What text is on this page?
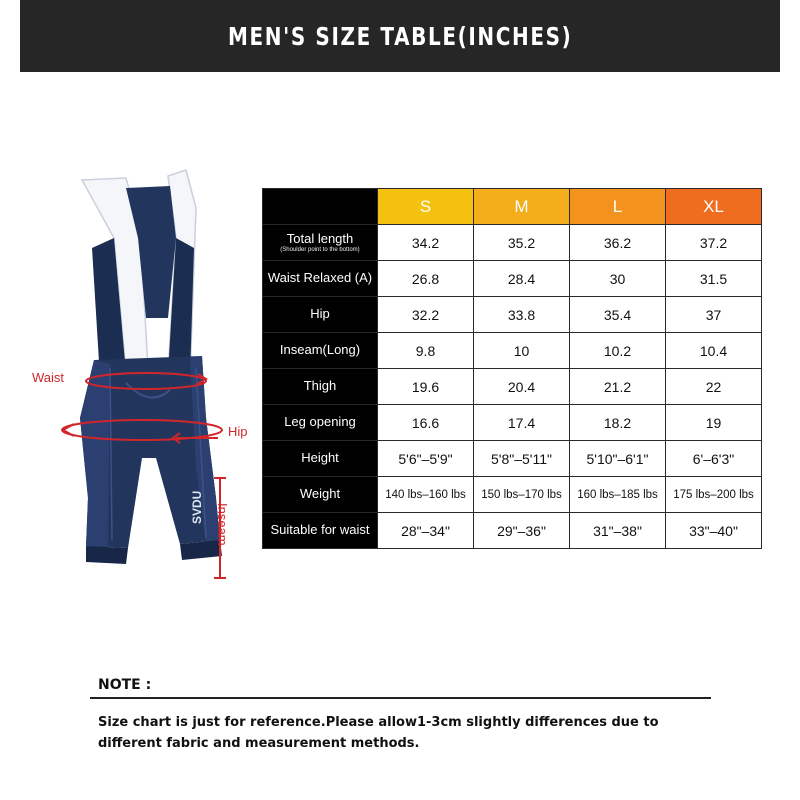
MEN'S SIZE TABLE(INCHES)
Waist
Hip
Inseam
SVDU
	S	M	L	XL
Total length
(Shoulder point to the bottom)	34.2	35.2	36.2	37.2
Waist Relaxed (A)	26.8	28.4	30	31.5
Hip	32.2	33.8	35.4	37
Inseam(Long)	9.8	10	10.2	10.4
Thigh	19.6	20.4	21.2	22
Leg opening	16.6	17.4	18.2	19
Height	5'6"–5'9"	5'8"–5'11"	5'10"–6'1"	6'–6'3"
Weight	140 lbs–160 lbs	150 lbs–170 lbs	160 lbs–185 lbs	175 lbs–200 lbs
Suitable for waist	28"–34"	29"–36"	31"–38"	33"–40"
NOTE :
Size chart is just for reference.Please allow1-3cm slightly differences due to different fabric and measurement methods.
